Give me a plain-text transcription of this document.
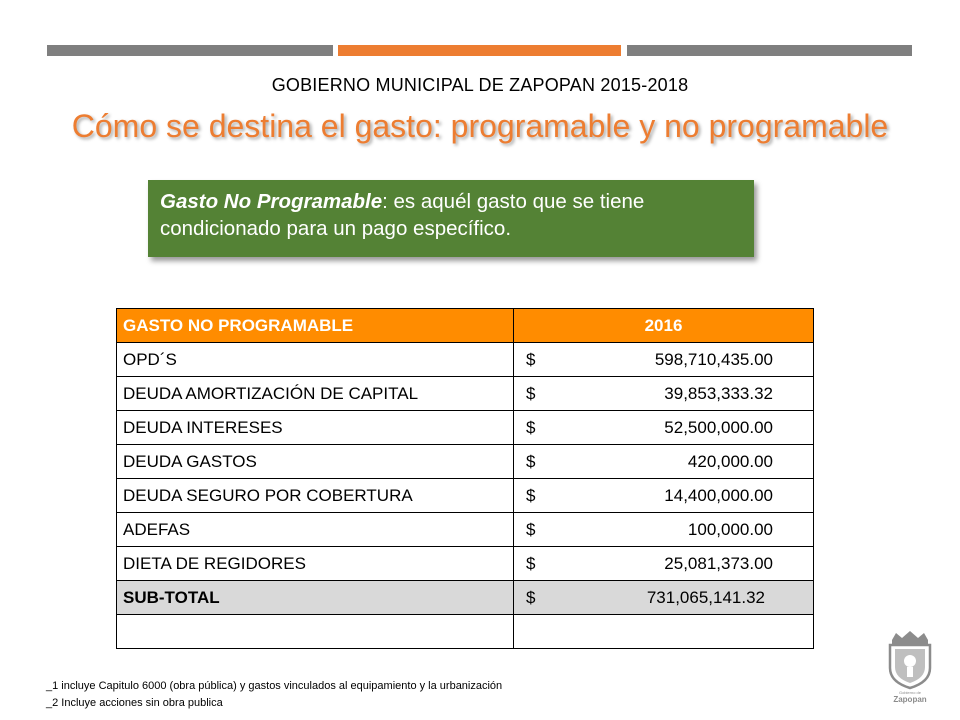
GOBIERNO MUNICIPAL DE ZAPOPAN 2015-2018
Cómo se destina el gasto: programable y no programable
Gasto No Programable: es aquél gasto que se tiene condicionado para un pago específico.
GASTO NO PROGRAMABLE	2016
OPD´S	$ 598,710,435.00

DEUDA AMORTIZACIÓN DE CAPITAL	$ 39,853,333.32

DEUDA INTERESES	$ 52,500,000.00

DEUDA GASTOS	$ 420,000.00

DEUDA SEGURO POR COBERTURA	$ 14,400,000.00

ADEFAS	$ 100,000.00

DIETA DE REGIDORES	$ 25,081,373.00

SUB-TOTAL	$ 731,065,141.32

_1 incluye Capitulo 6000 (obra pública) y gastos vinculados al equipamiento y la urbanización
_2 Incluye acciones sin obra publica
Gobierno de
Zapopan
